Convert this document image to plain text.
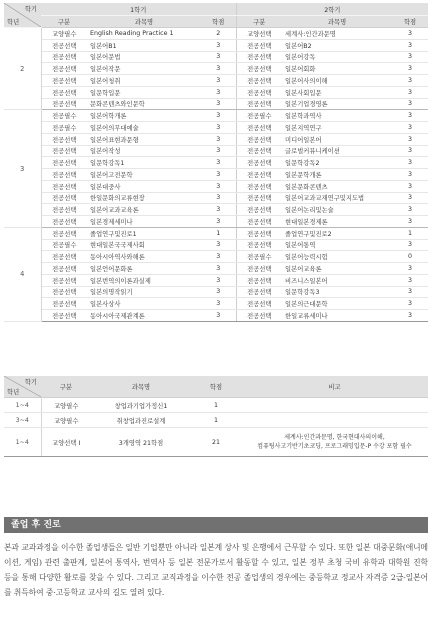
학기
학년	1학기			2학기		
	구분	과목명	학점	구분	과목명	학점
2	교양필수	English Reading Practice 1	2	교양선택	세계사:인간과문명	3
	전공선택	일본어B1	3	전공선택	일본어B2	3
	전공선택	일본어문법	3	전공선택	일본어강독	3
	전공선택	일본어작문	3	전공선택	일본어회화	3
	전공선택	일본어청취	3	전공선택	일본어사의이해	3
	전공선택	일문학입문	3	전공선택	일본사회입문	3
	전공선택	문화콘텐츠와인문학	3	전공선택	일본기업경영론	3
3	전공필수	일본어학개론	3	전공필수	일본학과역사	3
	전공필수	일본어의무대예술	3	전공선택	일본지역연구	3
	전공선택	일본어표현과문형	3	전공선택	미디어일본어	3
	전공선택	일본어작성	3	전공선택	글로벌커뮤니케이션	3
	전공선택	일문학강독1	3	전공선택	일문학강독2	3
	전공선택	일본어고전문학	3	전공선택	일본문학개론	3
	전공선택	일본대중사	3	전공선택	일본문화콘텐츠	3
	전공선택	한일문화의교류현장	3	전공선택	일본어교과교재연구및지도법	3
	전공선택	일본어교과교육론	3	전공선택	일본어논리및논술	3
	전공선택	일본경제세미나	3	전공선택	현대일본경제론	3
4	전공선택	졸업연구및진로1	1	전공선택	졸업연구및진로2	1
	전공필수	현대일본국국제사회	3	전공선택	일본어통역	3
	전공선택	동아시아역사와해론	3	전공필수	일본어능력시험	0
	전공선택	일본언어문화론	3	전공선택	일본어교육론	3
	전공선택	일본번역의이론과실제	3	전공선택	비즈니스일본어	3
	전공선택	일본의명작읽기	3	전공선택	일문학강독3	3
	전공선택	일본사상사	3	전공선택	일본의근대문학	3
	전공선택	동아시아국제관계론	3	전공선택	한일교류세미나	3
학기
학년	구분	과목명	학점	비고
1~4	교양필수	창업과기업가정신1	1	

3~4	교양필수	취창업과진로설계	1	

1~4	교양선택 I	3개영역 21학점	21	세계사:인간과문명, 한국현대사의이해,
컴퓨팅사고기반기초코딩, 프로그래밍입문-P 수강 포함 필수
졸업 후 진로

본과 교과과정을 이수한 졸업생들은 일반 기업뿐만 아니라 일본계 상사 및 은행에서 근무할 수 있다. 또한 일본 대중문화(애니메이션, 게임) 관련 출판계, 일본어 통역사, 번역사 등 일본 전문가로서 활동할 수 있고, 일본 정부 초청 국비 유학과 대학원 진학 등을 통해 다양한 활로를 찾을 수 있다. 그리고 교직과정을 이수한 전공 졸업생의 경우에는 중등학교 정교사 자격증 2급-일본어를 취득하여 중·고등학교 교사의 길도 열려 있다.
